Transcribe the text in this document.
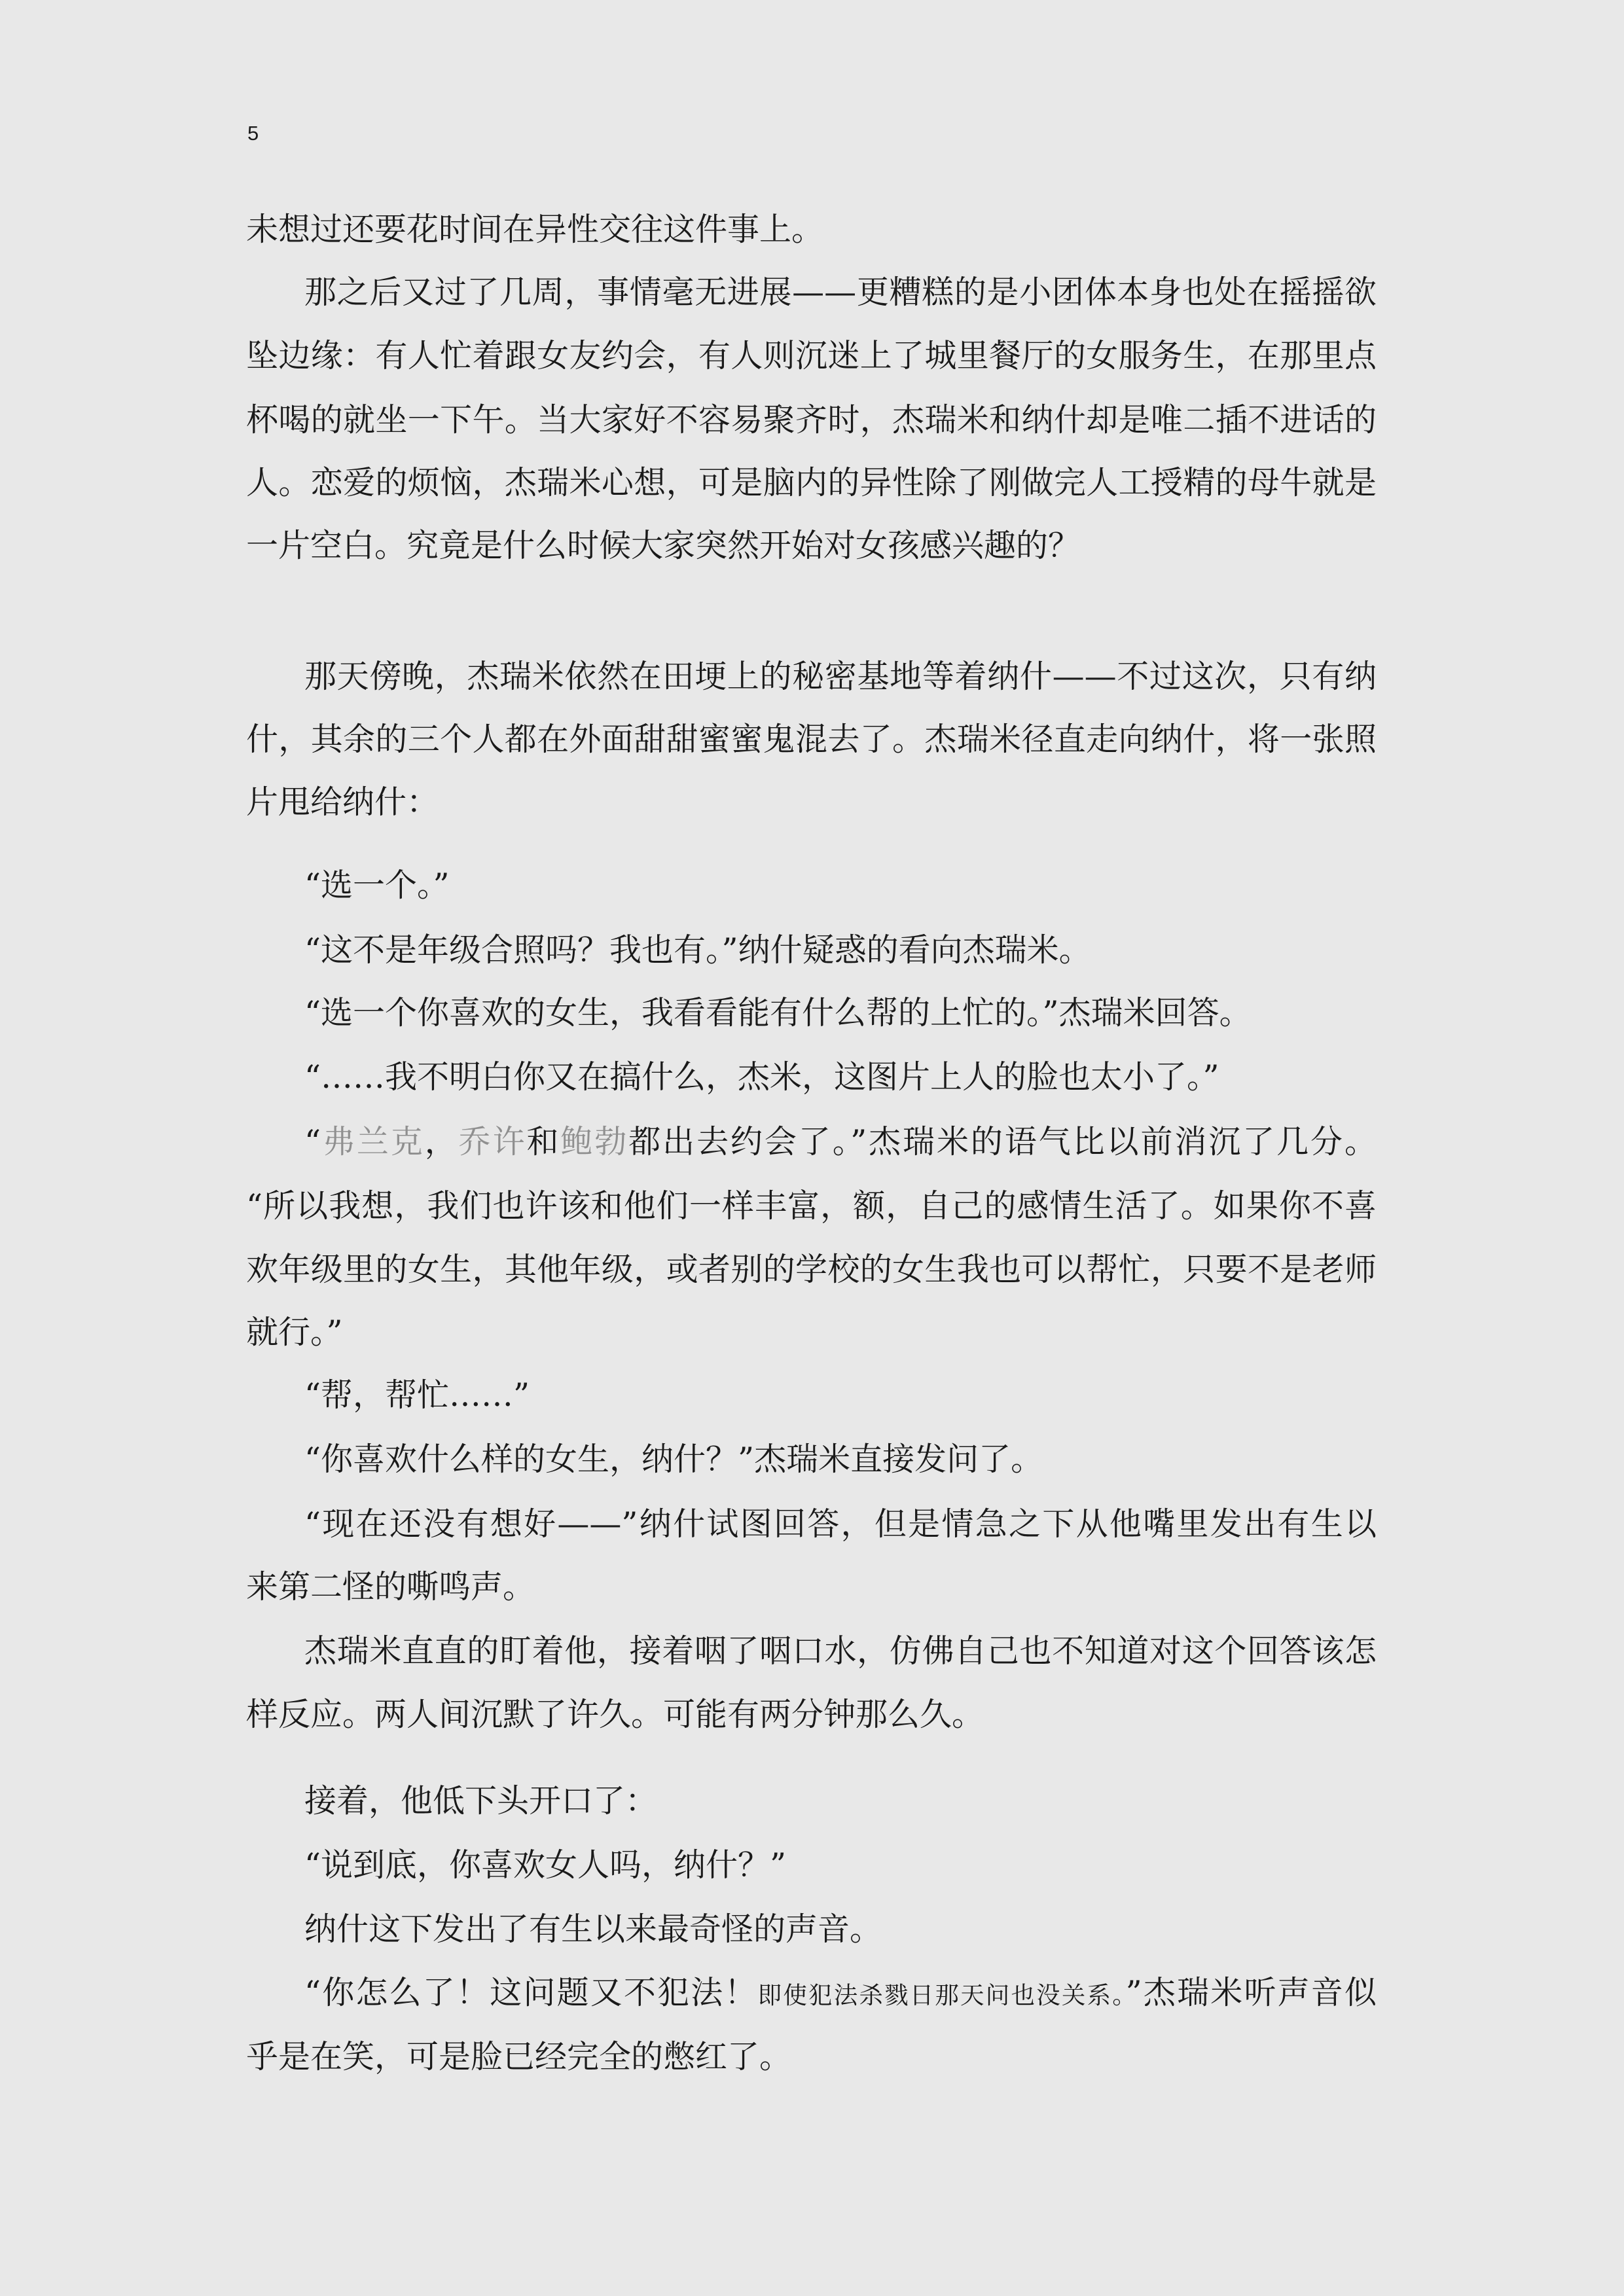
5
未想过还要花时间在异性交往这件事上。
那之后又过了几周，事情毫无进展——更糟糕的是小团体本身也处在摇摇欲
坠边缘：有人忙着跟女友约会，有人则沉迷上了城里餐厅的女服务生，在那里点
杯喝的就坐一下午。当大家好不容易聚齐时，杰瑞米和纳什却是唯二插不进话的
人。恋爱的烦恼，杰瑞米心想，可是脑内的异性除了刚做完人工授精的母牛就是
一片空白。究竟是什么时候大家突然开始对女孩感兴趣的？
那天傍晚，杰瑞米依然在田埂上的秘密基地等着纳什——不过这次，只有纳
什，其余的三个人都在外面甜甜蜜蜜鬼混去了。杰瑞米径直走向纳什，将一张照
片甩给纳什：
“选一个。”
“这不是年级合照吗？我也有。”纳什疑惑的看向杰瑞米。
“选一个你喜欢的女生，我看看能有什么帮的上忙的。”杰瑞米回答。
“……我不明白你又在搞什么，杰米，这图片上人的脸也太小了。”
“弗兰克，乔许和鲍勃都出去约会了。”杰瑞米的语气比以前消沉了几分。
“所以我想，我们也许该和他们一样丰富，额，自己的感情生活了。如果你不喜
欢年级里的女生，其他年级，或者别的学校的女生我也可以帮忙，只要不是老师
就行。”
“帮，帮忙……”
“你喜欢什么样的女生，纳什？”杰瑞米直接发问了。
“现在还没有想好——”纳什试图回答，但是情急之下从他嘴里发出有生以
来第二怪的嘶鸣声。
杰瑞米直直的盯着他，接着咽了咽口水，仿佛自己也不知道对这个回答该怎
样反应。两人间沉默了许久。可能有两分钟那么久。
接着，他低下头开口了：
“说到底，你喜欢女人吗，纳什？”
纳什这下发出了有生以来最奇怪的声音。
“你怎么了！这问题又不犯法！即使犯法杀戮日那天问也没关系。”杰瑞米听声音似
乎是在笑，可是脸已经完全的憋红了。
